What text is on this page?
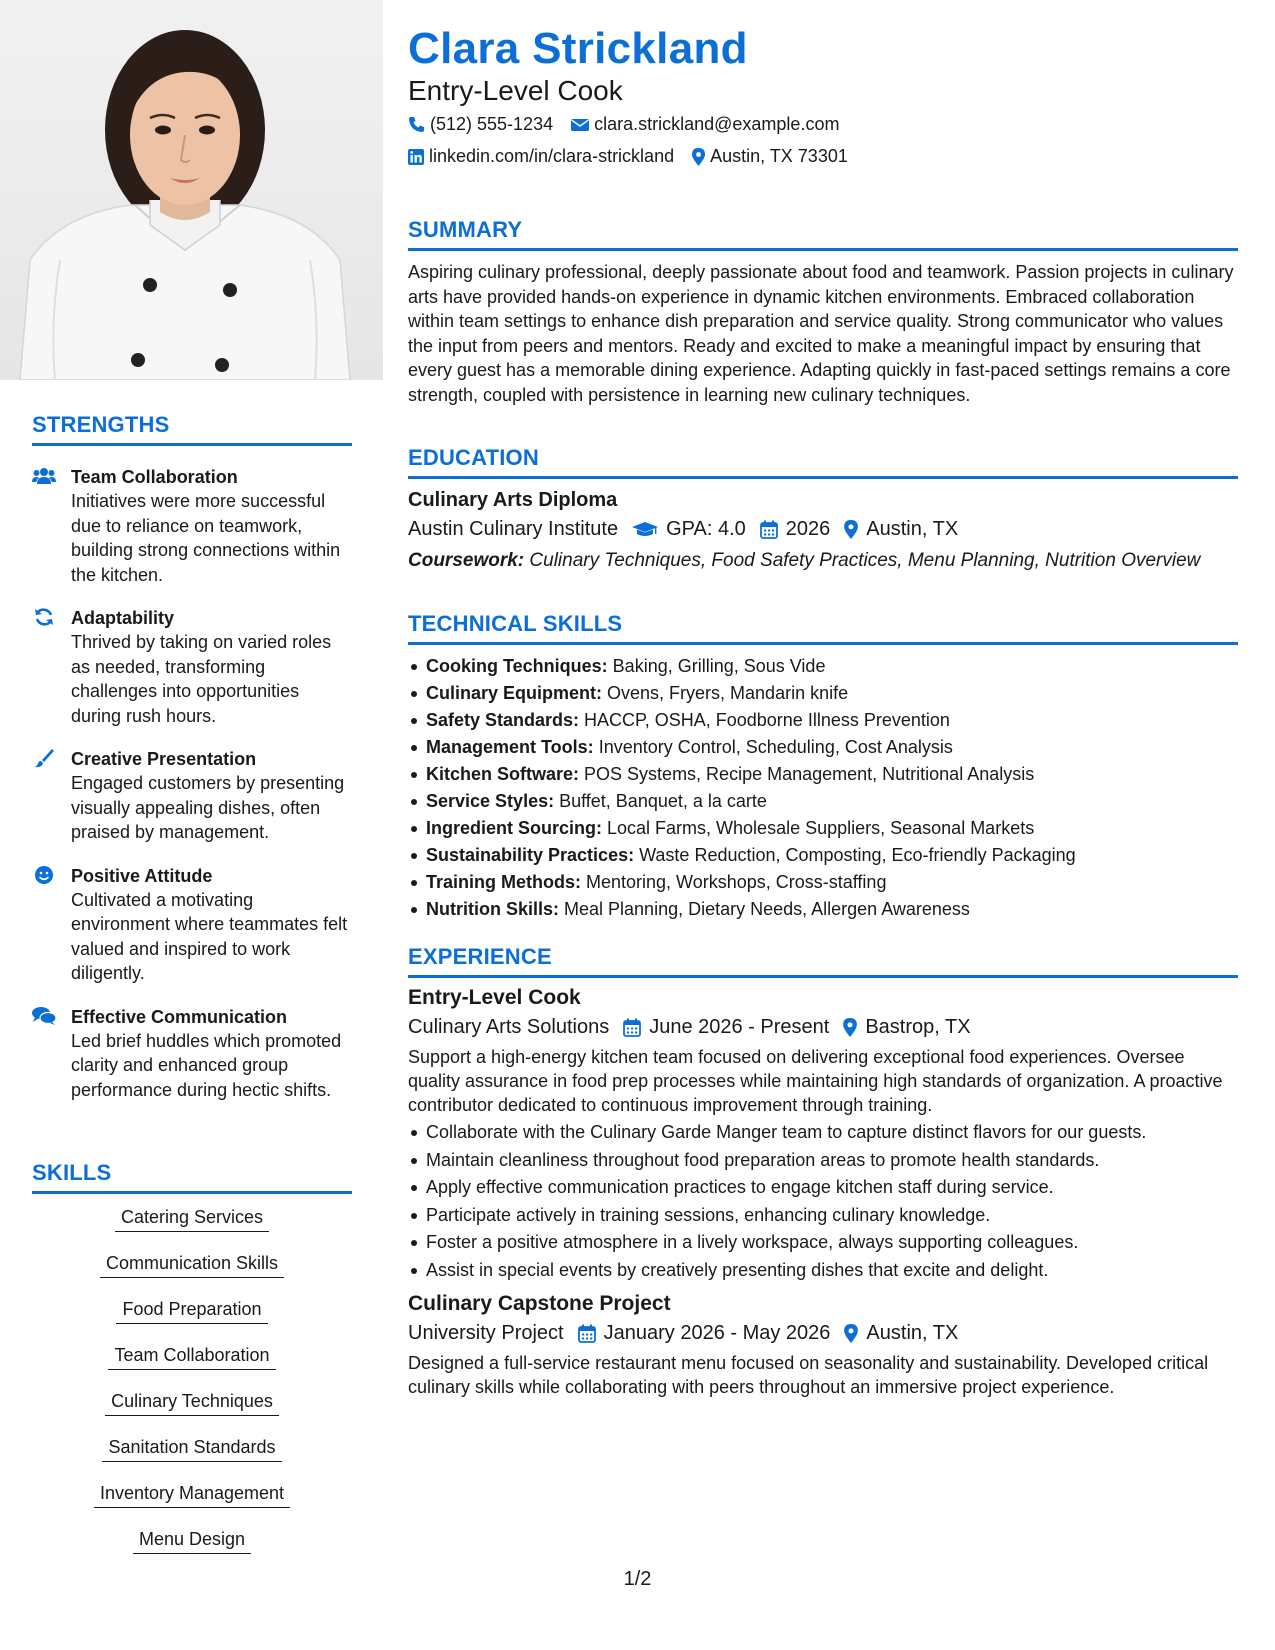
STRENGTHS
Team Collaboration
Initiatives were more successful due to reliance on teamwork, building strong connections within the kitchen.
Adaptability
Thrived by taking on varied roles as needed, transforming challenges into opportunities during rush hours.
Creative Presentation
Engaged customers by presenting visually appealing dishes, often praised by management.
Positive Attitude
Cultivated a motivating environment where teammates felt valued and inspired to work diligently.
Effective Communication
Led brief huddles which promoted clarity and enhanced group performance during hectic shifts.
SKILLS
Catering Services
Communication Skills
Food Preparation
Team Collaboration
Culinary Techniques
Sanitation Standards
Inventory Management
Menu Design
Clara Strickland
Entry-Level Cook
(512) 555-1234 clara.strickland@example.com
linkedin.com/in/clara-strickland Austin, TX 73301
SUMMARY
Aspiring culinary professional, deeply passionate about food and teamwork. Passion projects in culinary arts have provided hands-on experience in dynamic kitchen environments. Embraced collaboration within team settings to enhance dish preparation and service quality. Strong communicator who values the input from peers and mentors. Ready and excited to make a meaningful impact by ensuring that every guest has a memorable dining experience. Adapting quickly in fast-paced settings remains a core strength, coupled with persistence in learning new culinary techniques.
EDUCATION
Culinary Arts Diploma
Austin Culinary Institute GPA: 4.0 2026 Austin, TX
Coursework: Culinary Techniques, Food Safety Practices, Menu Planning, Nutrition Overview
TECHNICAL SKILLS
Cooking Techniques: Baking, Grilling, Sous Vide
Culinary Equipment: Ovens, Fryers, Mandarin knife
Safety Standards: HACCP, OSHA, Foodborne Illness Prevention
Management Tools: Inventory Control, Scheduling, Cost Analysis
Kitchen Software: POS Systems, Recipe Management, Nutritional Analysis
Service Styles: Buffet, Banquet, a la carte
Ingredient Sourcing: Local Farms, Wholesale Suppliers, Seasonal Markets
Sustainability Practices: Waste Reduction, Composting, Eco-friendly Packaging
Training Methods: Mentoring, Workshops, Cross-staffing
Nutrition Skills: Meal Planning, Dietary Needs, Allergen Awareness
EXPERIENCE
Entry-Level Cook
Culinary Arts Solutions June 2026 - Present Bastrop, TX
Support a high-energy kitchen team focused on delivering exceptional food experiences. Oversee quality assurance in food prep processes while maintaining high standards of organization. A proactive contributor dedicated to continuous improvement through training.
Collaborate with the Culinary Garde Manger team to capture distinct flavors for our guests.
Maintain cleanliness throughout food preparation areas to promote health standards.
Apply effective communication practices to engage kitchen staff during service.
Participate actively in training sessions, enhancing culinary knowledge.
Foster a positive atmosphere in a lively workspace, always supporting colleagues.
Assist in special events by creatively presenting dishes that excite and delight.
Culinary Capstone Project
University Project January 2026 - May 2026 Austin, TX
Designed a full-service restaurant menu focused on seasonality and sustainability. Developed critical culinary skills while collaborating with peers throughout an immersive project experience.
1/2
